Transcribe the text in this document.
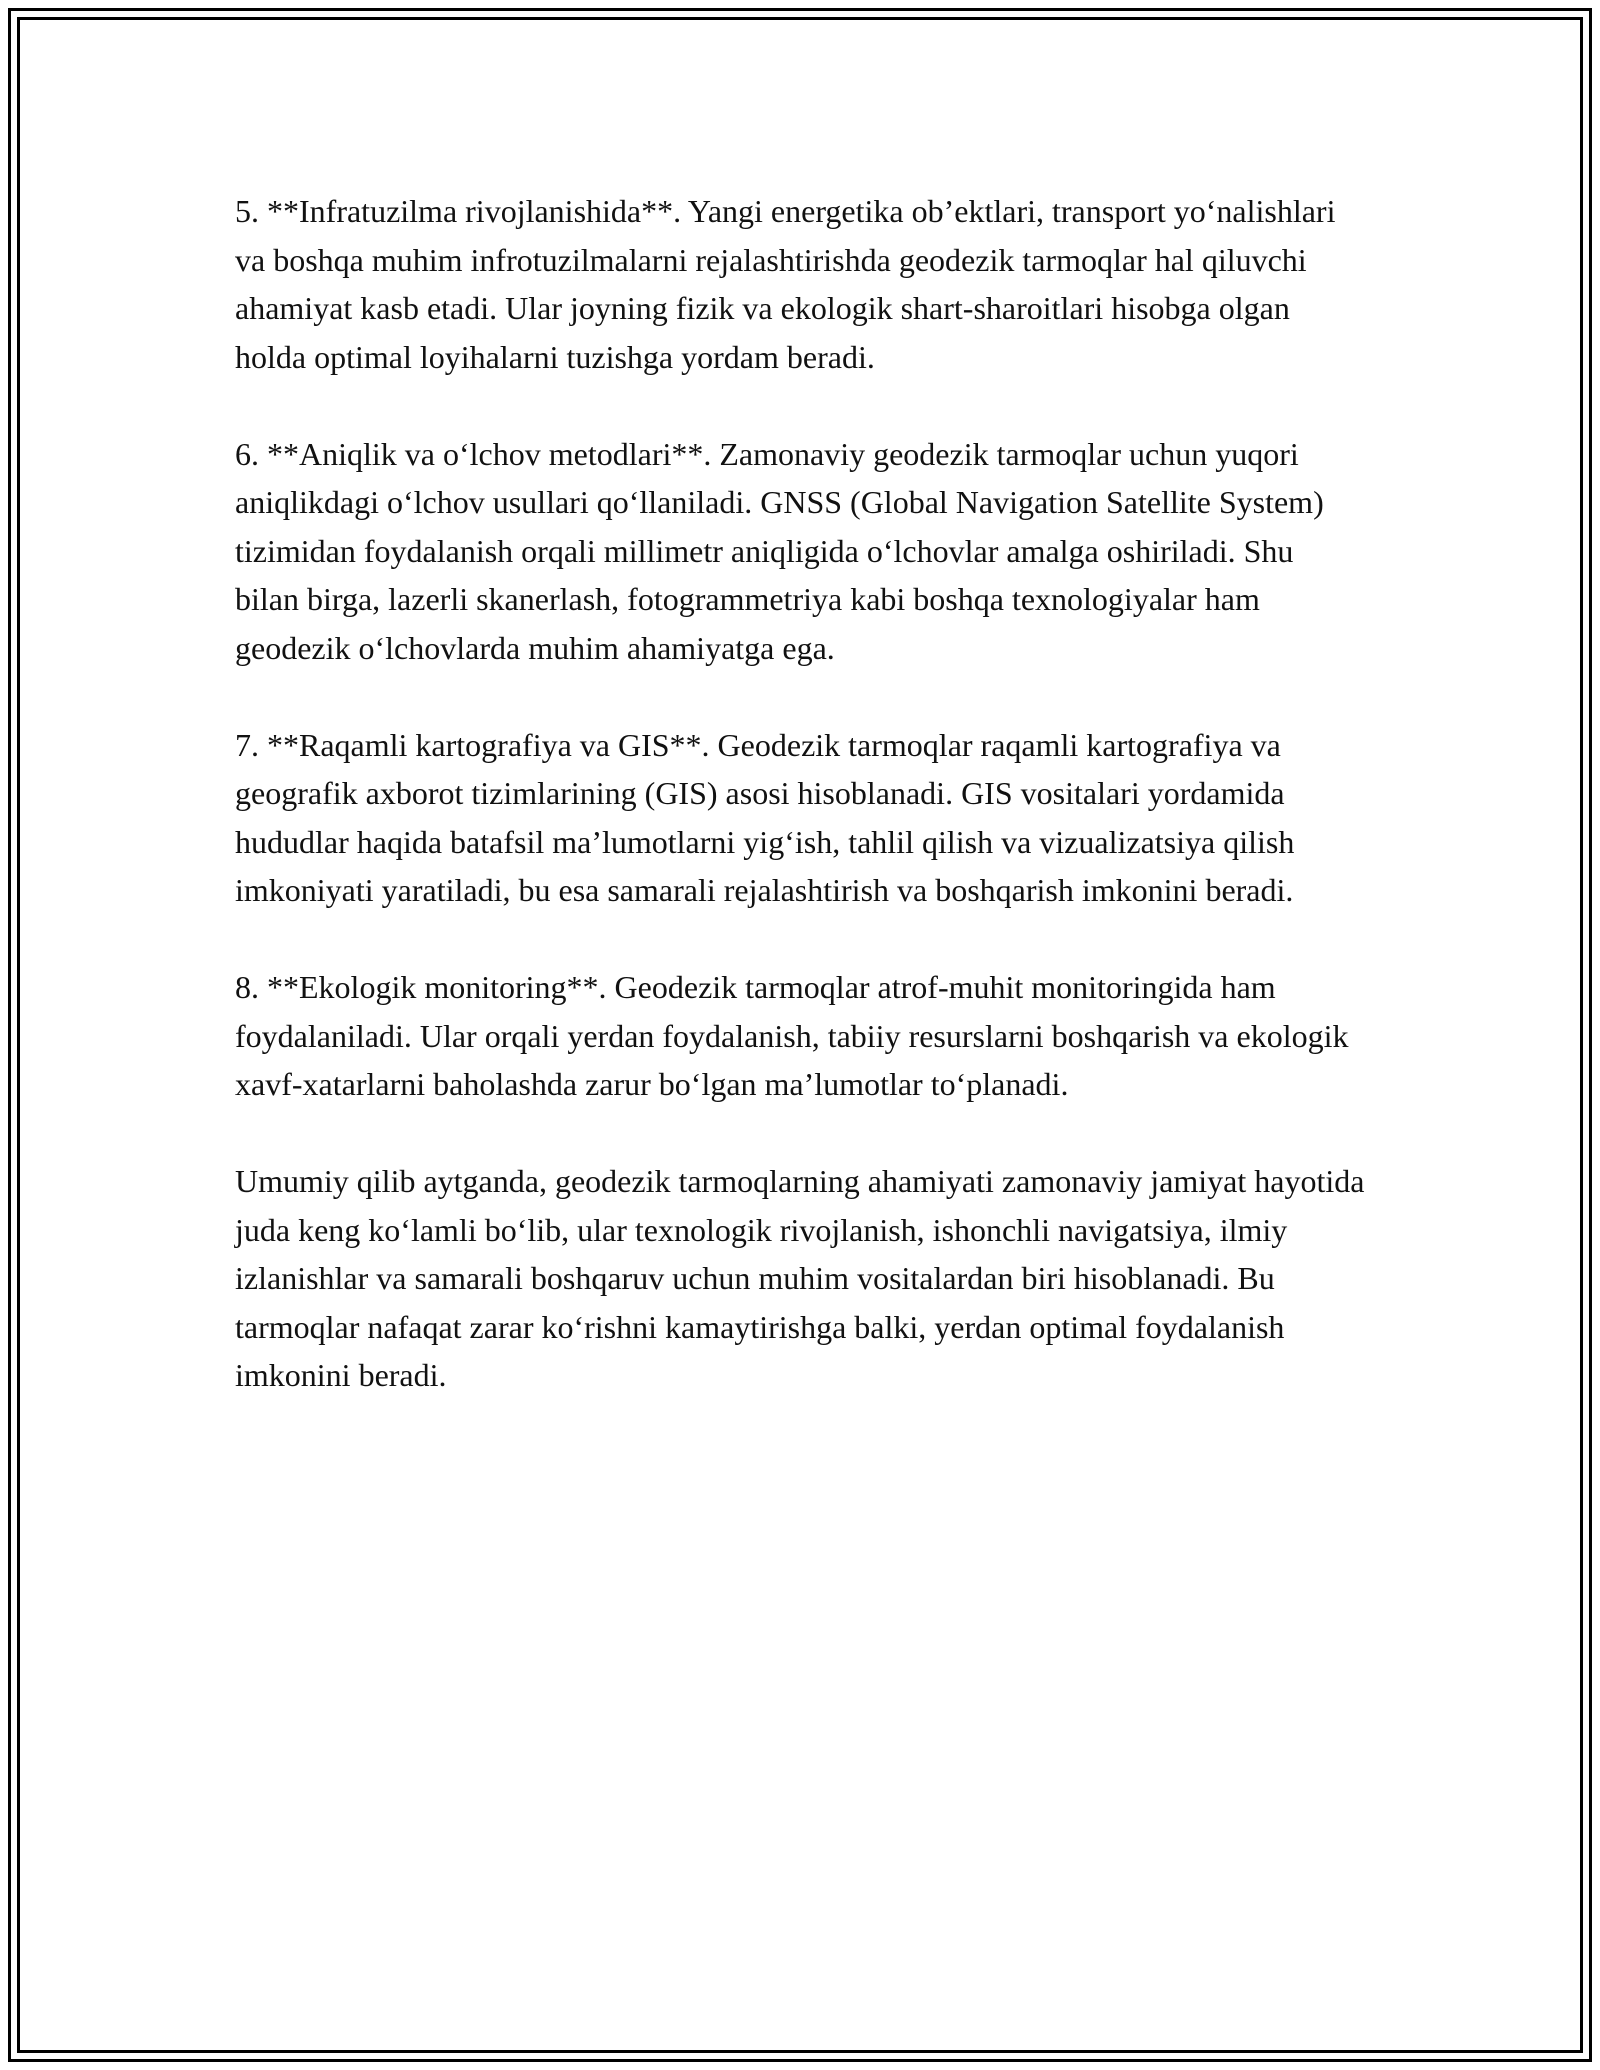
5. **Infratuzilma rivojlanishida**. Yangi energetika ob’ektlari, transport yo‘nalishlari va boshqa muhim infrotuzilmalarni rejalashtirishda geodezik tarmoqlar hal qiluvchi ahamiyat kasb etadi. Ular joyning fizik va ekologik shart-sharoitlari hisobga olgan holda optimal loyihalarni tuzishga yordam beradi.

6. **Aniqlik va o‘lchov metodlari**. Zamonaviy geodezik tarmoqlar uchun yuqori aniqlikdagi o‘lchov usullari qo‘llaniladi. GNSS (Global Navigation Satellite System) tizimidan foydalanish orqali millimetr aniqligida o‘lchovlar amalga oshiriladi. Shu bilan birga, lazerli skanerlash, fotogrammetriya kabi boshqa texnologiyalar ham geodezik o‘lchovlarda muhim ahamiyatga ega.

7. **Raqamli kartografiya va GIS**. Geodezik tarmoqlar raqamli kartografiya va geografik axborot tizimlarining (GIS) asosi hisoblanadi. GIS vositalari yordamida hududlar haqida batafsil ma’lumotlarni yig‘ish, tahlil qilish va vizualizatsiya qilish imkoniyati yaratiladi, bu esa samarali rejalashtirish va boshqarish imkonini beradi.

8. **Ekologik monitoring**. Geodezik tarmoqlar atrof-muhit monitoringida ham foydalaniladi. Ular orqali yerdan foydalanish, tabiiy resurslarni boshqarish va ekologik xavf-xatarlarni baholashda zarur bo‘lgan ma’lumotlar to‘planadi.

Umumiy qilib aytganda, geodezik tarmoqlarning ahamiyati zamonaviy jamiyat hayotida juda keng ko‘lamli bo‘lib, ular texnologik rivojlanish, ishonchli navigatsiya, ilmiy izlanishlar va samarali boshqaruv uchun muhim vositalardan biri hisoblanadi. Bu tarmoqlar nafaqat zarar ko‘rishni kamaytirishga balki, yerdan optimal foydalanish imkonini beradi.
